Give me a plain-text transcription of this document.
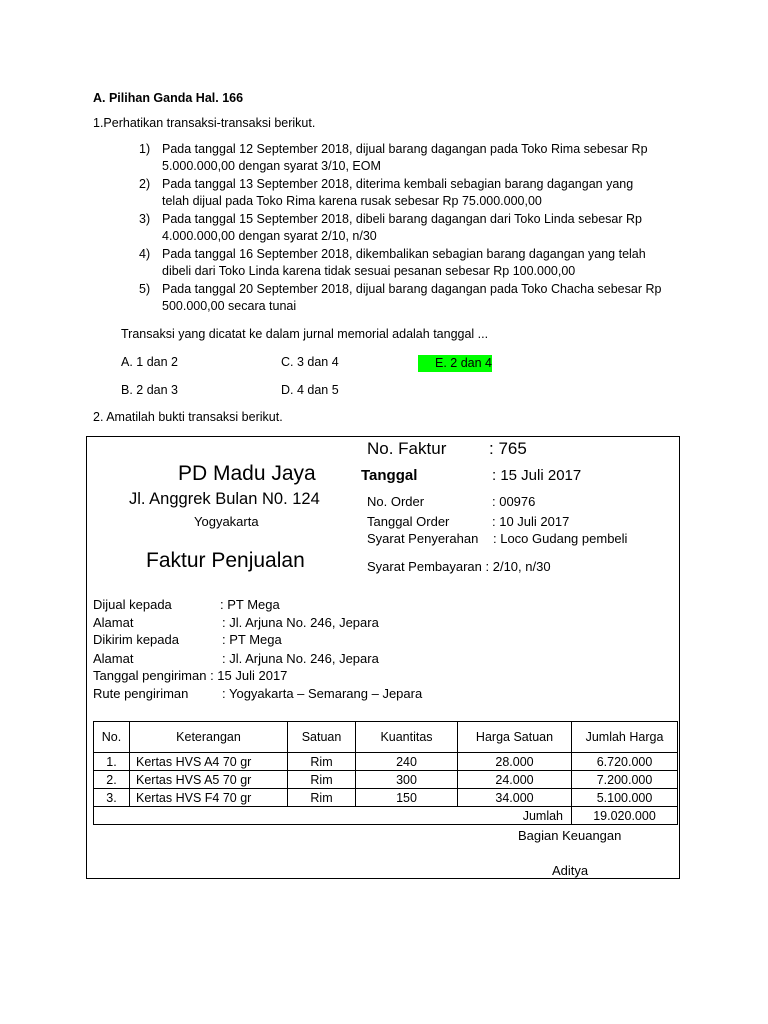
A. Pilihan Ganda Hal. 166
1.Perhatikan transaksi-transaksi berikut.
1) Pada tanggal 12 September 2018, dijual barang dagangan pada Toko Rima sebesar Rp
5.000.000,00 dengan syarat 3/10, EOM
2) Pada tanggal 13 September 2018, diterima kembali sebagian barang dagangan yang
telah dijual pada Toko Rima karena rusak sebesar Rp 75.000.000,00
3) Pada tanggal 15 September 2018, dibeli barang dagangan dari Toko Linda sebesar Rp
4.000.000,00 dengan syarat 2/10, n/30
4) Pada tanggal 16 September 2018, dikembalikan sebagian barang dagangan yang telah
dibeli dari Toko Linda karena tidak sesuai pesanan sebesar Rp 100.000,00
5) Pada tanggal 20 September 2018, dijual barang dagangan pada Toko Chacha sebesar Rp
500.000,00 secara tunai
Transaksi yang dicatat ke dalam jurnal memorial adalah tanggal ...
A. 1 dan 2	C. 3 dan 4	E. 2 dan 4
B. 2 dan 3	D. 4 dan 5
2. Amatilah bukti transaksi berikut.
No. Faktur	: 765
PD Madu Jaya	Tanggal	: 15 Juli 2017
Jl. Anggrek Bulan N0. 124	No. Order	: 00976
Yogyakarta	Tanggal Order	: 10 Juli 2017
Syarat Penyerahan : Loco Gudang pembeli
Faktur Penjualan	Syarat Pembayaran : 2/10, n/30
Dijual kepada	: PT Mega
Alamat	: Jl. Arjuna No. 246, Jepara
Dikirim kepada	: PT Mega
Alamat	: Jl. Arjuna No. 246, Jepara
Tanggal pengiriman : 15 Juli 2017
Rute pengiriman	: Yogyakarta – Semarang – Jepara
No.	Keterangan	Satuan	Kuantitas	Harga Satuan	Jumlah Harga
1.	Kertas HVS A4 70 gr	Rim	240	28.000	6.720.000
2.	Kertas HVS A5 70 gr	Rim	300	24.000	7.200.000
3.	Kertas HVS F4 70 gr	Rim	150	34.000	5.100.000
Jumlah					19.020.000
Bagian Keuangan
Aditya
